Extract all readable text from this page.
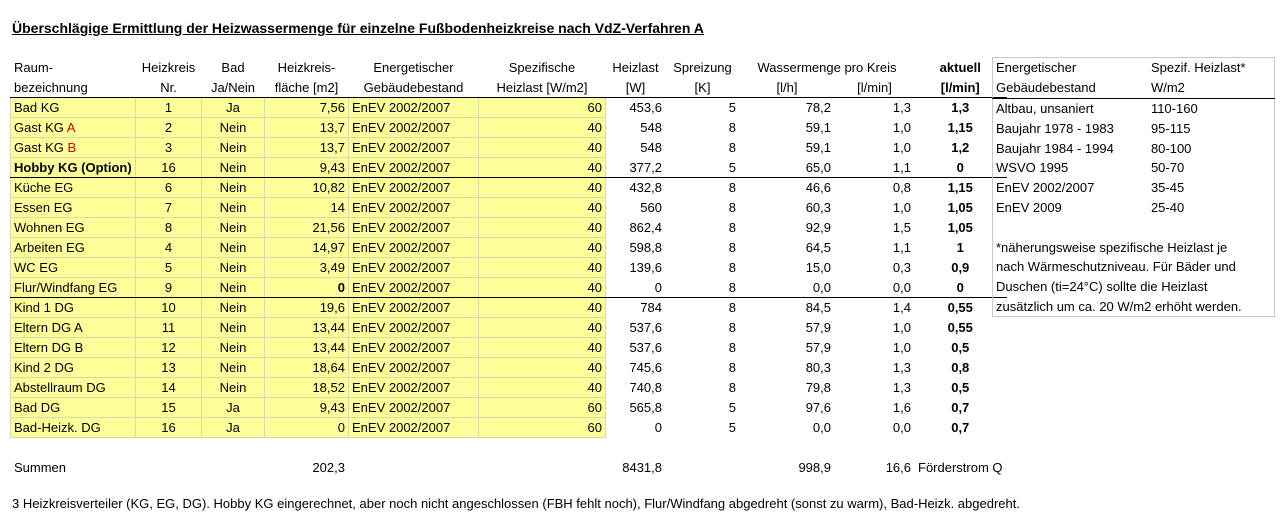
Überschlägige Ermittlung der Heizwassermenge für einzelne Fußbodenheizkreise nach VdZ-Verfahren A
Raum-	Heizkreis	Bad	Heizkreis-	Energetischer	Spezifische	Heizlast	Spreizung	Wassermenge pro Kreis		aktuell
bezeichnung	Nr.	Ja/Nein	fläche [m2]	Gebäudebestand	Heizlast [W/m2]	[W]	[K]	[l/h]	[l/min]	[l/min]
Bad KG	1	Ja	7,56	EnEV 2002/2007	60	453,6	5	78,2	1,3	1,3
Gast KG A	2	Nein	13,7	EnEV 2002/2007	40	548	8	59,1	1,0	1,15
Gast KG B	3	Nein	13,7	EnEV 2002/2007	40	548	8	59,1	1,0	1,2
Hobby KG (Option)	16	Nein	9,43	EnEV 2002/2007	40	377,2	5	65,0	1,1	0
Küche EG	6	Nein	10,82	EnEV 2002/2007	40	432,8	8	46,6	0,8	1,15
Essen EG	7	Nein	14	EnEV 2002/2007	40	560	8	60,3	1,0	1,05
Wohnen EG	8	Nein	21,56	EnEV 2002/2007	40	862,4	8	92,9	1,5	1,05
Arbeiten EG	4	Nein	14,97	EnEV 2002/2007	40	598,8	8	64,5	1,1	1
WC EG	5	Nein	3,49	EnEV 2002/2007	40	139,6	8	15,0	0,3	0,9
Flur/Windfang EG	9	Nein	0	EnEV 2002/2007	40	0	8	0,0	0,0	0
Kind 1 DG	10	Nein	19,6	EnEV 2002/2007	40	784	8	84,5	1,4	0,55
Eltern DG A	11	Nein	13,44	EnEV 2002/2007	40	537,6	8	57,9	1,0	0,55
Eltern DG B	12	Nein	13,44	EnEV 2002/2007	40	537,6	8	57,9	1,0	0,5
Kind 2 DG	13	Nein	18,64	EnEV 2002/2007	40	745,6	8	80,3	1,3	0,8
Abstellraum DG	14	Nein	18,52	EnEV 2002/2007	40	740,8	8	79,8	1,3	0,5
Bad DG	15	Ja	9,43	EnEV 2002/2007	60	565,8	5	97,6	1,6	0,7
Bad-Heizk. DG	16	Ja	0	EnEV 2002/2007	60	0	5	0,0	0,0	0,7

Summen			202,3			8431,8		998,9	16,6	Förderstrom Q
Energetischer	Spezif. Heizlast*
Gebäudebestand	W/m2
Altbau, unsaniert	110-160
Baujahr 1978 - 1983	95-115
Baujahr 1984 - 1994	80-100
WSVO 1995	50-70
EnEV 2002/2007	35-45
EnEV 2009	25-40

*näherungsweise spezifische Heizlast je	
nach Wärmeschutzniveau. Für Bäder und	
Duschen (ti=24°C) sollte die Heizlast	
zusätzlich um ca. 20 W/m2 erhöht werden.	
3 Heizkreisverteiler (KG, EG, DG). Hobby KG eingerechnet, aber noch nicht angeschlossen (FBH fehlt noch), Flur/Windfang abgedreht (sonst zu warm), Bad-Heizk. abgedreht.
